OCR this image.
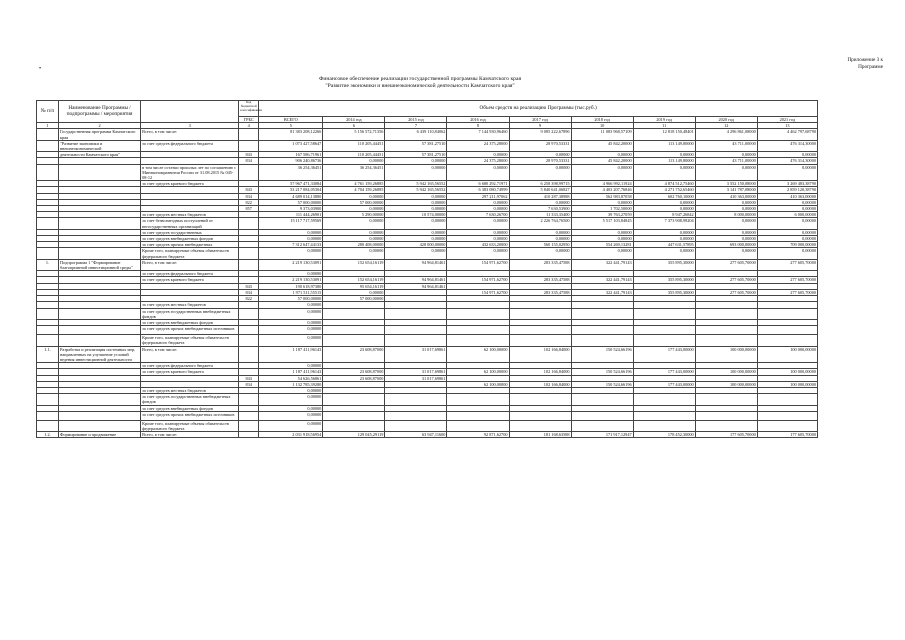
Приложение 3 к
Программе
•
Финансовое обеспечение реализации государственной программы Камчатского края
"Развитие экономики и внешнеэкономической деятельности Камчатского края"
№ п/п	Наименование Программы / подпрограммы / мероприятия		Код бюджетной классификации	Объем средств на реализацию Программы (тыс.руб.)								
			ГРБС	ВСЕГО	2014 год	2015 год	2016 год	2017 год	2018 год	2019 год	2020 год	2021 год
1	2	3	4	5	6	7	8	9	10	11	12	13
	Государственная программа Камчатского края	Всего, в том числе:		81 383 208,12266	5 156 572,71356	6 439 110,84062	7 144 930,96460	9 085 222,67896	11 083 968,57109	12 818 150,48401	4 296 861,08000	4 462 797,68790
	"Развитие экономики и внешнеэкономической	за счет средств федерального бюджета		1 073 427,58647	110 205,44451	57 381,27510	24 375,28000	28 970,53331	45 842,20000	113 149,80000	43 711,00000	476 314,30000
	деятельности Камчатского края"		843	167 586,71961	110 205,44451	57 381,27510	0,00000	0,00000	0,00000	0,00000	0,00000	0,00000
			834	906 240,86736	0,00000	0,00000	24 375,28000	28 970,53331	45 842,20000	113 149,80000	43 711,00000	476 314,30000
		в том числе остатки прошлых лет по соглашению с Минэкономразвития России от 31.08.2015 № 045-08-12		36 254,36451	36 254,36451	0,00000	0,00000	0,00000	0,00000	0,00000	0,00000	0,00000
		за счет средств краевого бюджета		57 967 471,33084	4 761 159,26885	5 942 165,56552	6 680 292,71971	6 258 398,99715	4 966 992,11924	4 874 512,75460	3 552 150,08000	3 269 483,38790
			843	53 217 084,05304	4 704 159,26885	5 942 165,56552	6 383 080,74999	5 840 641,06827	4 403 207,76846	4 271 752,65460	3 141 787,08000	2 859 120,38790
			834	4 689 014,13880	0,00000	0,00000	297 211,97062	410 287,38988	562 983,87058	602 760,10000	410 363,00000	410 363,00000
			822	57 000,00000	57 000,00000	0,00000	0,00000	0,00000	0,00000	0,00000	0,00000	0,00000
			857	9 373,03900	0,00000	0,00000	0,00000	7 630,53900	1 702,50000	0,00000	0,00000	0,00000
		за счет средств местных бюджетов		111 444,26901	5 290,00000	10 574,00000	7 630,26700	11 333,35400	39 763,27059	8 947,26842	8 000,00000	6 000,00000
		за счет безвозмездных поступлений от негосударственных организаций		15 117 717,59569	0,00000	0,00000	0,00000	2 226 764,76500	5 517 103,84845	7 373 908,98204	0,00000	0,00000
		за счет средств государственных		0,00000	0,00000	0,00000	0,00000	0,00000	0,00000	0,00000	0,00000	0,00000
		за счет средств внебюджетных фондов		0,00000	0,00000	0,00000	0,00000	0,00000	0,00000	0,00000	0,00000	0,00000
		за счет средств прочих внебюджетных		7 312 647,44133	280 408,00000	428 000,00000	432 633,20000	560 155,02950	554 269,13281	447 631,57895	693 000,00000	709 000,00000
		Кроме того, планируемые объемы обязательств федерального бюджета		0,00000	0,00000	0,00000	0,00000	0,00000	0,00000	0,00000	0,00000	0,00000
1.	Подпрограмма 1 "Формирование благоприятной инвестиционной среды"	Всего, в том числе:		2 219 130,53091	152 654,16119	94 964,81461	154 971,62700	283 335,47588	322 441,79143	355 895,30000	277 605,70000	277 605,70000
		за счет средств федерального бюджета		0,00000								
		за счет средств краевого бюджета		2 219 130,53091	152 654,16119	94 964,81461	154 971,62700	283 335,47588	322 441,79143	355 895,30000	277 605,70000	277 605,70000
			843	190 618,97380	95 654,16119	94 964,81461						
			834	1 971 511,55515	0,00000		154 971,62700	283 335,47588	322 441,79143	355 895,30000	277 605,70000	277 605,70000
			822	57 000,00000	57 000,00000							
		за счет средств местных бюджетов		0,00000								
		за счет средств государственных внебюджетных фондов		0,00000								
		за счет средств внебюджетных фондов		0,00000								
		за счет средств прочих внебюджетных источников		0,00000								
		Кроме того, планируемые объемы обязательств федерального бюджета		0,00000								
1.1.	Разработка и реализация системных мер, направленных на улучшение условий ведения инвестиционной деятельности	Всего, в том числе:		1 187 411,96143	23 608,87000	31 017,69861	62 100,00000	102 166,84000	150 524,66196	177 443,00000	100 000,00000	100 000,00000
		за счет средств федерального бюджета		0,00000								
		за счет средств краевого бюджета		1 187 411,96143	23 608,87000	31 017,69861	62 100,00000	102 166,84000	150 524,66196	177 443,00000	100 000,00000	100 000,00000
			843	54 626,56861	23 608,87000	31 017,69861						
			834	1 132 785,39280			62 100,00000	102 166,84000	150 524,66196	177 443,00000	100 000,00000	100 000,00000
		за счет средств местных бюджетов		0,00000								
		за счет средств государственных внебюджетных фондов		0,00000								
		за счет средств внебюджетных фондов		0,00000								
		за счет средств прочих внебюджетных источников		0,00000								
		Кроме того, планируемые объемы обязательств федерального бюджета		0,00000								
1.2.	Формирование и продвижение	Всего, в том числе:		2 031 918,56954	129 045,29119	63 947,11600	92 871,62700	181 168,63588	171 917,12947	178 452,30000	177 605,70000	177 605,70000
